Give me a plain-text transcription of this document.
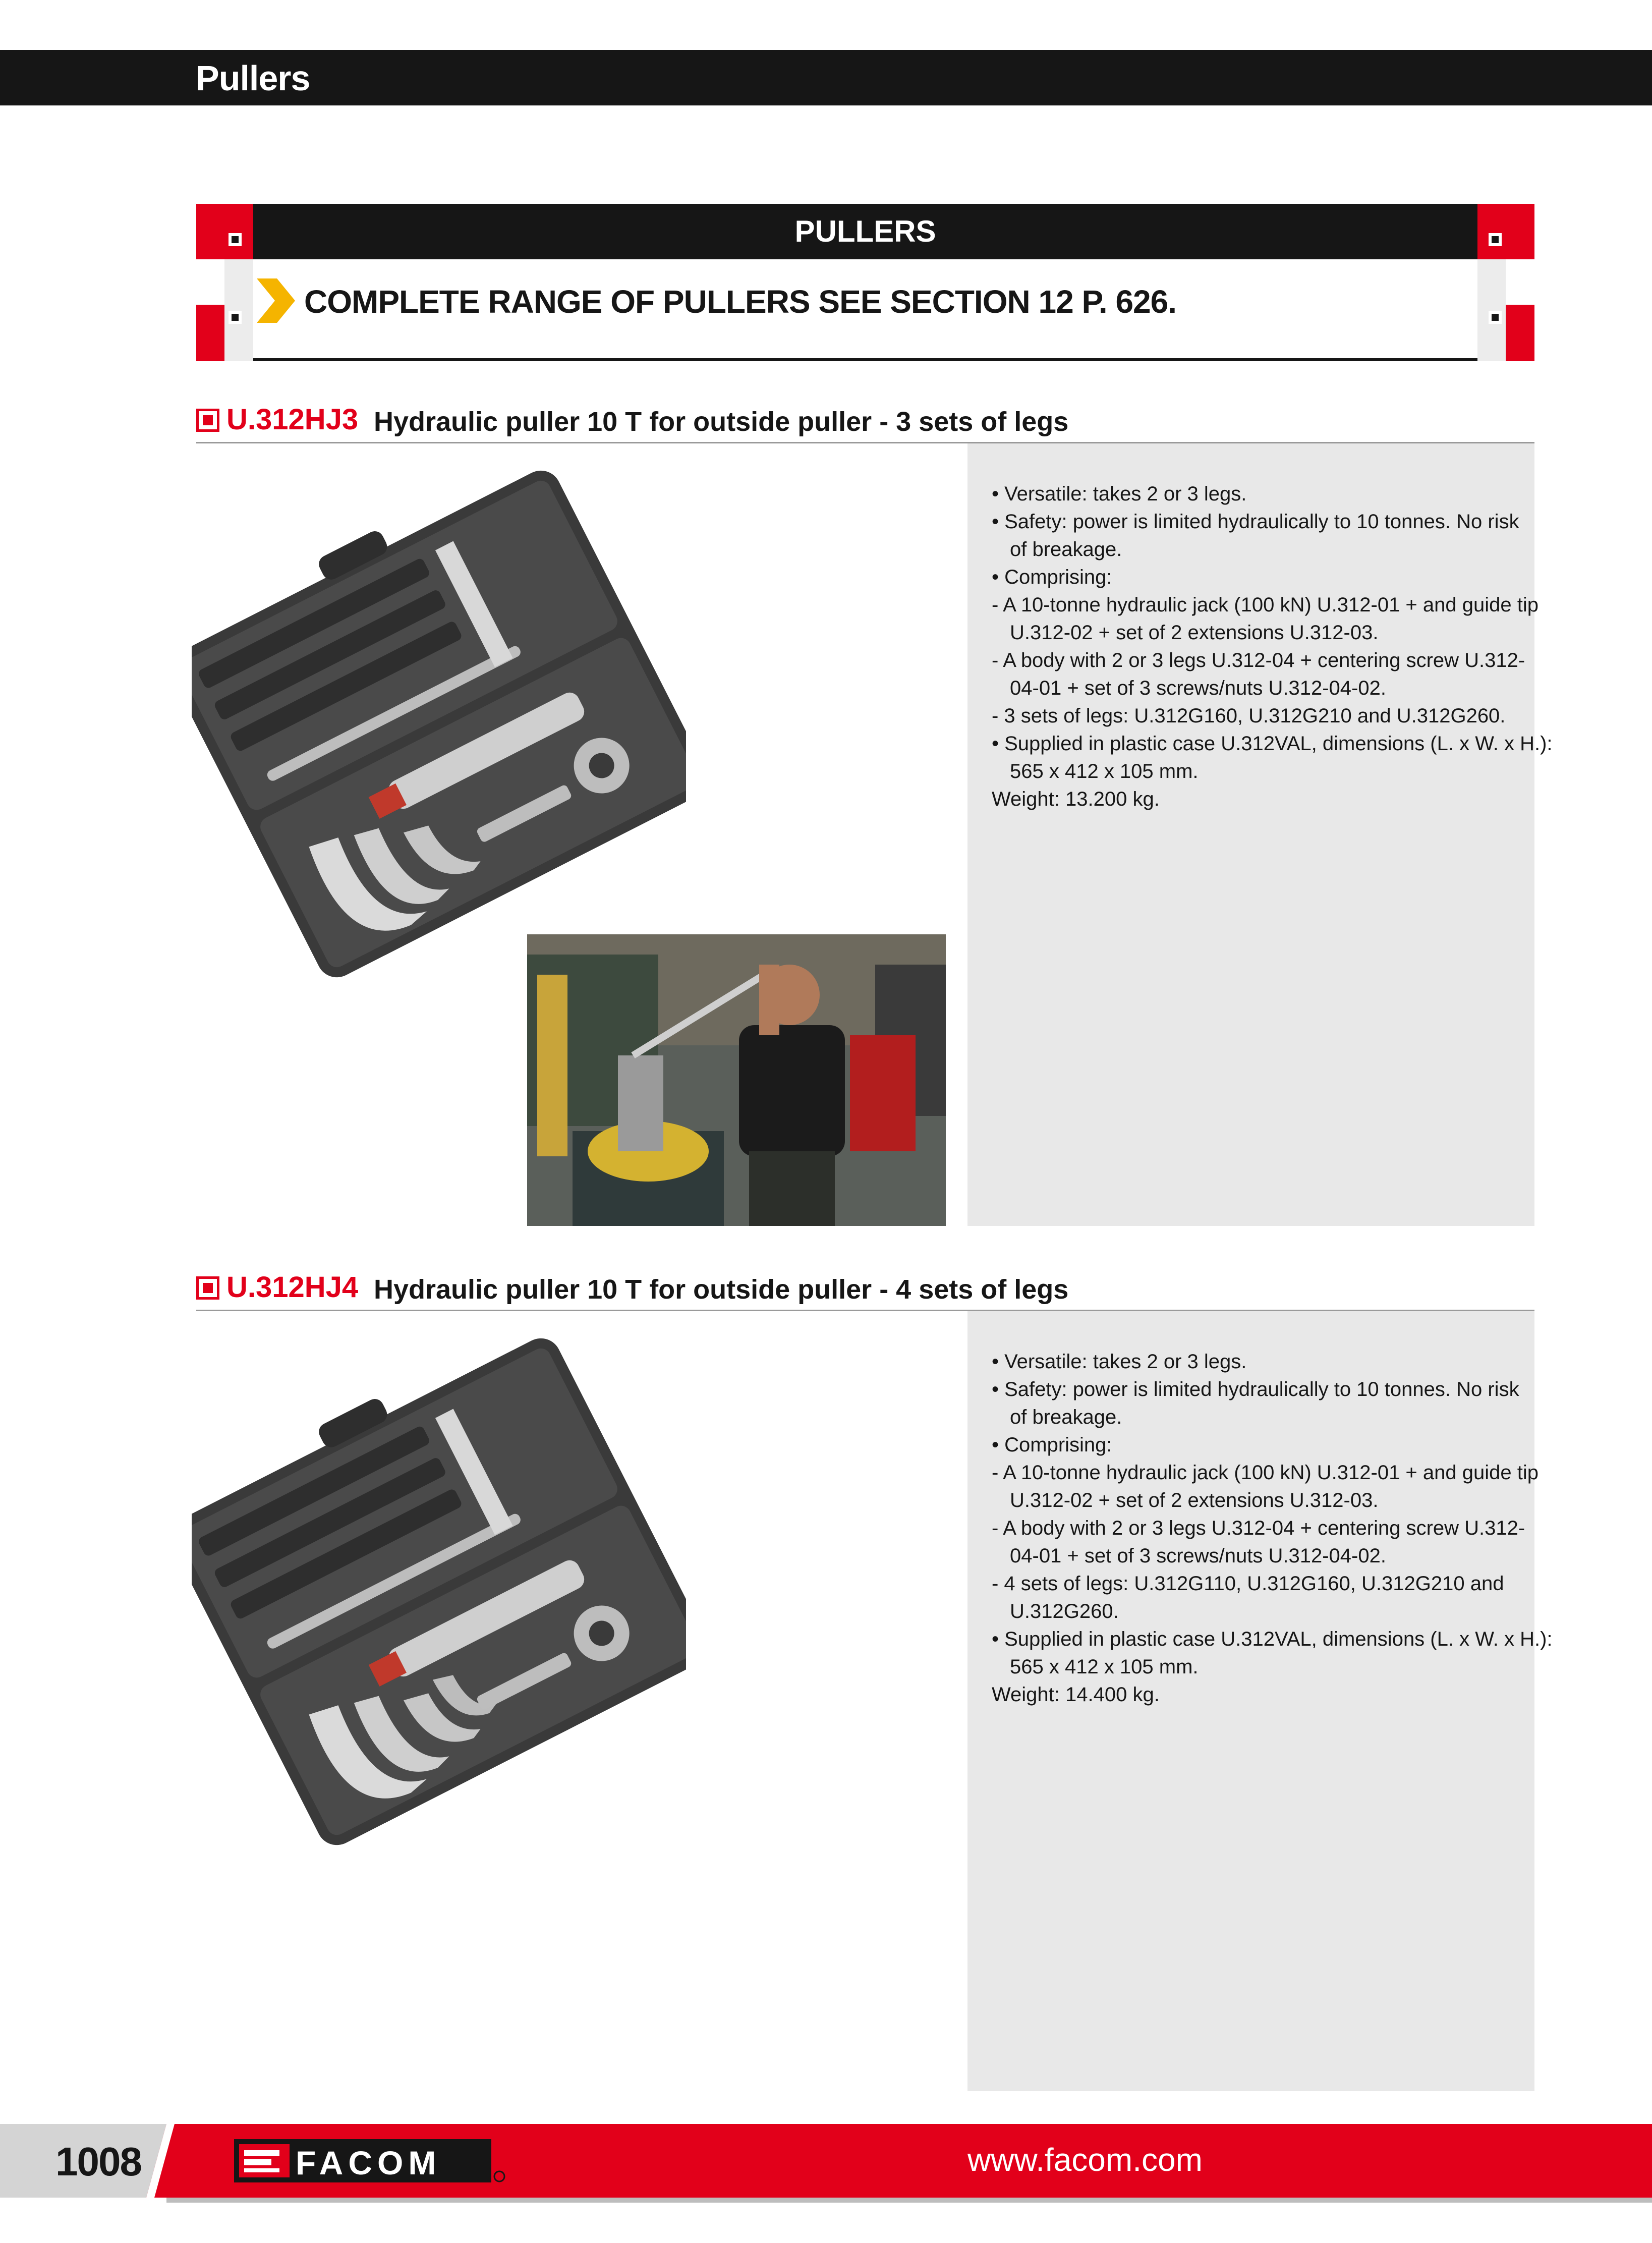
Pullers
PULLERS
COMPLETE RANGE OF PULLERS SEE SECTION 12 P. 626.
U.312HJ3 Hydraulic puller 10 T for outside puller - 3 sets of legs
• Versatile: takes 2 or 3 legs.
• Safety: power is limited hydraulically to 10 tonnes. No risk
of breakage.
• Comprising:
- A 10-tonne hydraulic jack (100 kN) U.312-01 + and guide tip
U.312-02 + set of 2 extensions U.312-03.
- A body with 2 or 3 legs U.312-04 + centering screw U.312-
04-01 + set of 3 screws/nuts U.312-04-02.
- 3 sets of legs: U.312G160, U.312G210 and U.312G260.
• Supplied in plastic case U.312VAL, dimensions (L. x W. x H.):
565 x 412 x 105 mm.
Weight: 13.200 kg.
U.312HJ4 Hydraulic puller 10 T for outside puller - 4 sets of legs
• Versatile: takes 2 or 3 legs.
• Safety: power is limited hydraulically to 10 tonnes. No risk
of breakage.
• Comprising:
- A 10-tonne hydraulic jack (100 kN) U.312-01 + and guide tip
U.312-02 + set of 2 extensions U.312-03.
- A body with 2 or 3 legs U.312-04 + centering screw U.312-
04-01 + set of 3 screws/nuts U.312-04-02.
- 4 sets of legs: U.312G110, U.312G160, U.312G210 and
U.312G260.
• Supplied in plastic case U.312VAL, dimensions (L. x W. x H.):
565 x 412 x 105 mm.
Weight: 14.400 kg.
1008	FACOM	www.facom.com
